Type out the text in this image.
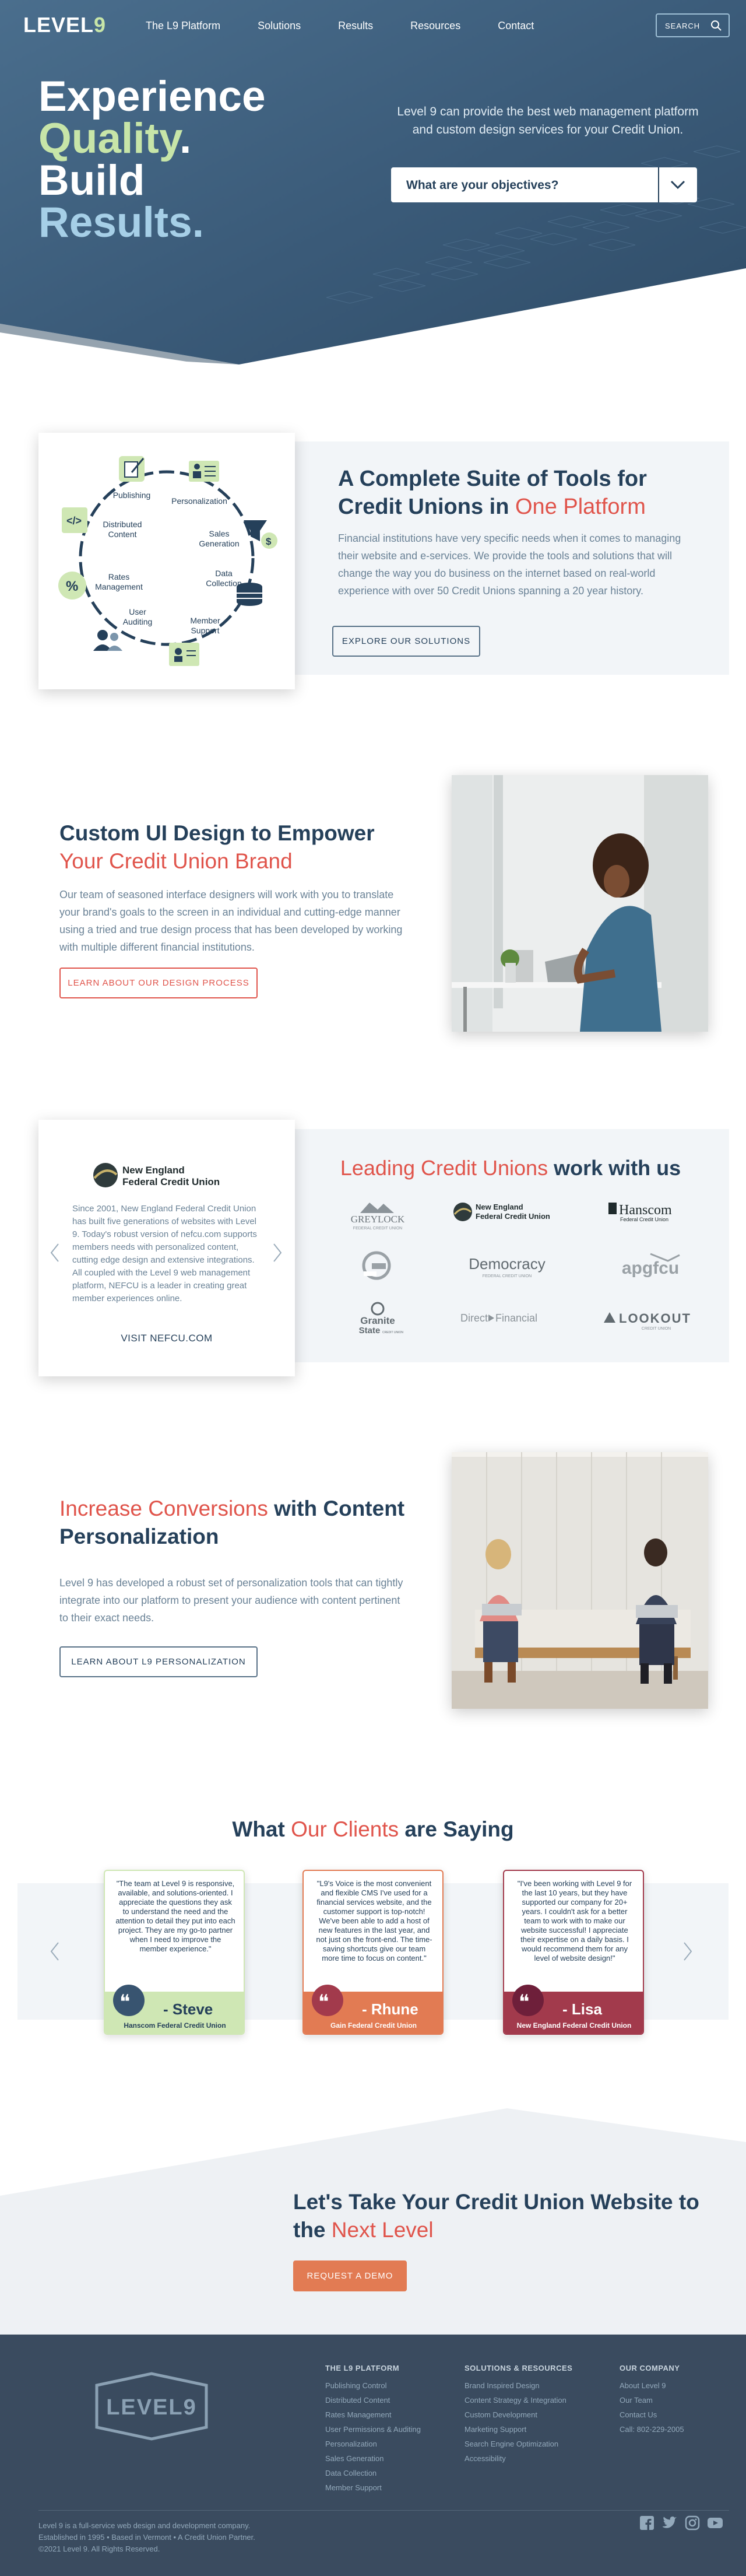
LEVEL9	The L9 Platform	Solutions	Results	Resources	Contact	SEARCH
Experience
Quality.
Build
Results.

Level 9 can provide the best web management platform and custom design services for your Credit Union.

What are your objectives?
</>
$
%
Publishing
Personalization
Distributed
Content	Sales
Generation
Data
Collection
Rates
Management
Member
Support
User
Auditing
A Complete Suite of Tools for Credit Unions in One Platform

Financial institutions have very specific needs when it comes to managing their website and e-services. We provide the tools and solutions that will change the way you do business on the internet based on real-world experience with over 50 Credit Unions spanning a 20 year history.

EXPLORE OUR SOLUTIONS
Custom UI Design to Empower Your Credit Union Brand

Our team of seasoned interface designers will work with you to translate your brand's goals to the screen in an individual and cutting-edge manner using a tried and true design process that has been developed by working with multiple different financial institutions.

LEARN ABOUT OUR DESIGN PROCESS
New England
Federal Credit Union

Since 2001, New England Federal Credit Union has built five generations of websites with Level 9. Today's robust version of nefcu.com supports members needs with personalized content, cutting edge design and extensive integrations. All coupled with the Level 9 web management platform, NEFCU is a leader in creating great member experiences online.

VISIT NEFCU.COM
Leading Credit Unions work with us
GREYLOCK
FEDERAL CREDIT UNION
New England
Federal Credit Union	Hanscom
Federal Credit Union
Democracy
FEDERAL CREDIT UNION	apgfcu
Granite
State CREDIT UNION
Direct Financial	LOOKOUT
CREDIT UNION
Increase Conversions with Content Personalization

Level 9 has developed a robust set of personalization tools that can tightly integrate into our platform to present your audience with content pertinent to their exact needs.

LEARN ABOUT L9 PERSONALIZATION
What Our Clients are Saying

"The team at Level 9 is responsive, available, and solutions-oriented. I appreciate the questions they ask to understand the need and the attention to detail they put into each project. They are my go-to partner when I need to improve the member experience."

❝ - Steve
Hanscom Federal Credit Union

"L9's Voice is the most convenient and flexible CMS I've used for a financial services website, and the customer support is top-notch! We've been able to add a host of new features in the last year, and not just on the front-end. The time-saving shortcuts give our team more time to focus on content."

❝ - Rhune
Gain Federal Credit Union

"I've been working with Level 9 for the last 10 years, but they have supported our company for 20+ years. I couldn't ask for a better team to work with to make our website successful! I appreciate their expertise on a daily basis. I would recommend them for any level of website design!"

❝ - Lisa
New England Federal Credit Union
Let's Take Your Credit Union Website to the Next Level
REQUEST A DEMO
LEVEL9
THE L9 PLATFORM
Publishing Control
Distributed Content
Rates Management
User Permissions & Auditing
Personalization
Sales Generation
Data Collection
Member Support
SOLUTIONS & RESOURCES
Brand Inspired Design
Content Strategy & Integration
Custom Development
Marketing Support
Search Engine Optimization
Accessibility
OUR COMPANY
About Level 9
Our Team
Contact Us
Call: 802-229-2005
Level 9 is a full-service web design and development company.
Established in 1995 • Based in Vermont • A Credit Union Partner.
©2021 Level 9. All Rights Reserved.
